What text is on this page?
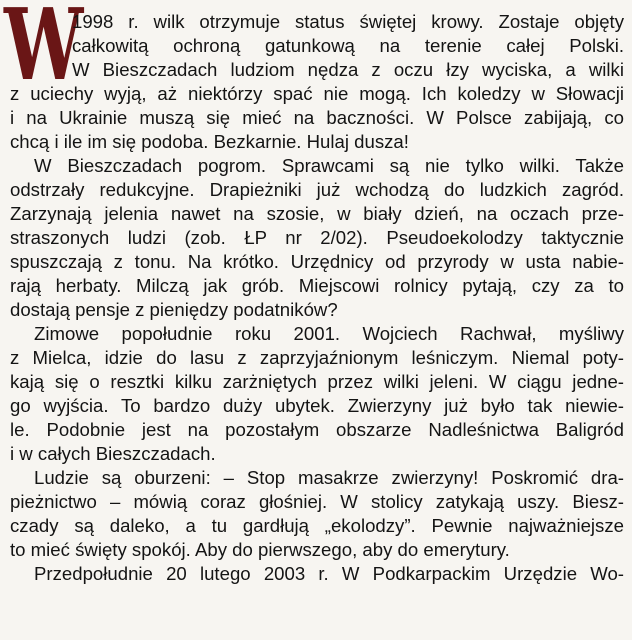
W
1998 r. wilk otrzymuje status świętej krowy. Zostaje objęty
całkowitą ochroną gatunkową na terenie całej Polski.
W Bieszczadach ludziom nędza z oczu łzy wyciska, a wilki
z uciechy wyją, aż niektórzy spać nie mogą. Ich koledzy w Słowacji
i na Ukrainie muszą się mieć na baczności. W Polsce zabijają, co
chcą i ile im się podoba. Bezkarnie. Hulaj dusza!
W Bieszczadach pogrom. Sprawcami są nie tylko wilki. Także
odstrzały redukcyjne. Drapieżniki już wchodzą do ludzkich zagród.
Zarzynają jelenia nawet na szosie, w biały dzień, na oczach prze-
straszonych ludzi (zob. ŁP nr 2/02). Pseudoekolodzy taktycznie
spuszczają z tonu. Na krótko. Urzędnicy od przyrody w usta nabie-
rają herbaty. Milczą jak grób. Miejscowi rolnicy pytają, czy za to
dostają pensje z pieniędzy podatników?
Zimowe popołudnie roku 2001. Wojciech Rachwał, myśliwy
z Mielca, idzie do lasu z zaprzyjaźnionym leśniczym. Niemal poty-
kają się o resztki kilku zarżniętych przez wilki jeleni. W ciągu jedne-
go wyjścia. To bardzo duży ubytek. Zwierzyny już było tak niewie-
le. Podobnie jest na pozostałym obszarze Nadleśnictwa Baligród
i w całych Bieszczadach.
Ludzie są oburzeni: – Stop masakrze zwierzyny! Poskromić dra-
pieżnictwo – mówią coraz głośniej. W stolicy zatykają uszy. Biesz-
czady są daleko, a tu gardłują „ekolodzy”. Pewnie najważniejsze
to mieć święty spokój. Aby do pierwszego, aby do emerytury.
Przedpołudnie 20 lutego 2003 r. W Podkarpackim Urzędzie Wo-
